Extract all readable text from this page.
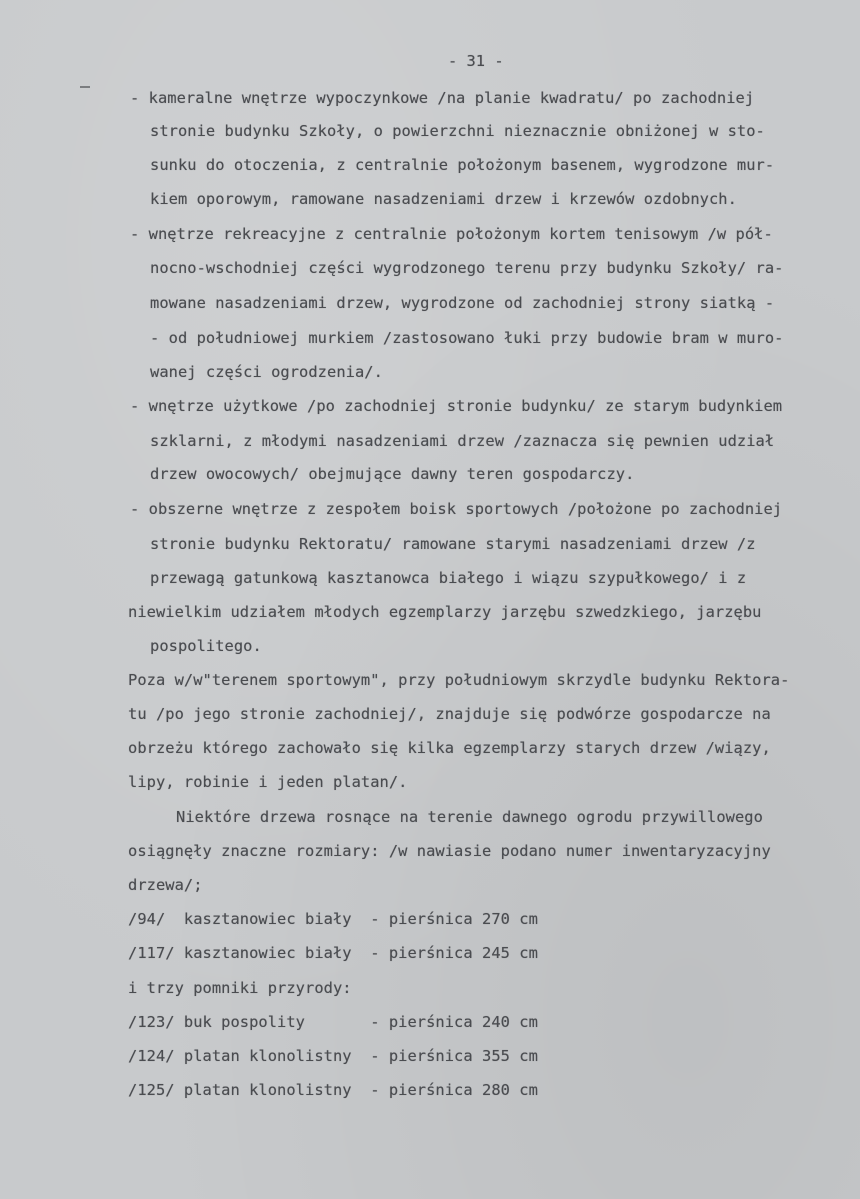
- 31 -
- kameralne wnętrze wypoczynkowe /na planie kwadratu/ po zachodniej
stronie budynku Szkoły, o powierzchni nieznacznie obniżonej w sto-
sunku do otoczenia, z centralnie położonym basenem, wygrodzone mur-
kiem oporowym, ramowane nasadzeniami drzew i krzewów ozdobnych.
- wnętrze rekreacyjne z centralnie położonym kortem tenisowym /w pół-
nocno-wschodniej części wygrodzonego terenu przy budynku Szkoły/ ra-
mowane nasadzeniami drzew, wygrodzone od zachodniej strony siatką -
- od południowej murkiem /zastosowano łuki przy budowie bram w muro-
wanej części ogrodzenia/.
- wnętrze użytkowe /po zachodniej stronie budynku/ ze starym budynkiem
szklarni, z młodymi nasadzeniami drzew /zaznacza się pewnien udział
drzew owocowych/ obejmujące dawny teren gospodarczy.
- obszerne wnętrze z zespołem boisk sportowych /położone po zachodniej
stronie budynku Rektoratu/ ramowane starymi nasadzeniami drzew /z
przewagą gatunkową kasztanowca białego i wiązu szypułkowego/ i z
niewielkim udziałem młodych egzemplarzy jarzębu szwedzkiego, jarzębu
pospolitego.
Poza w/w"terenem sportowym", przy południowym skrzydle budynku Rektora-
tu /po jego stronie zachodniej/, znajduje się podwórze gospodarcze na
obrzeżu którego zachowało się kilka egzemplarzy starych drzew /wiązy,
lipy, robinie i jeden platan/.
Niektóre drzewa rosnące na terenie dawnego ogrodu przywillowego
osiągnęły znaczne rozmiary: /w nawiasie podano numer inwentaryzacyjny
drzewa/;
/94/  kasztanowiec biały  - pierśnica 270 cm
/117/ kasztanowiec biały  - pierśnica 245 cm
i trzy pomniki przyrody:
/123/ buk pospolity       - pierśnica 240 cm
/124/ platan klonolistny  - pierśnica 355 cm
/125/ platan klonolistny  - pierśnica 280 cm
